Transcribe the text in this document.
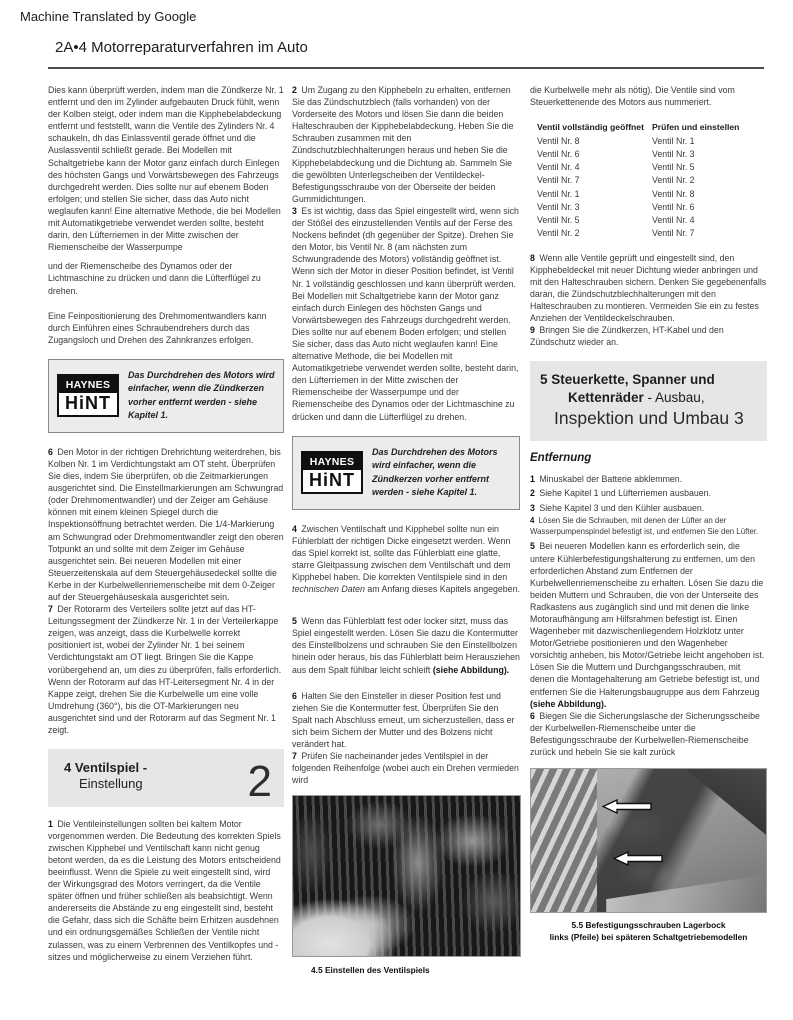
Machine Translated by Google
2A•4 Motorreparaturverfahren im Auto

Dies kann überprüft werden, indem man die Zündkerze Nr. 1 entfernt und den im Zylinder aufgebauten Druck fühlt, wenn der Kolben steigt, oder indem man die Kipphebelabdeckung entfernt und feststellt, wann die Ventile des Zylinders Nr. 4 schaukeln, dh das Einlassventil gerade öffnet und die Auslassventil schließt gerade. Bei Modellen mit Schaltgetriebe kann der Motor ganz einfach durch Einlegen des höchsten Gangs und Vorwärtsbewegen des Fahrzeugs durchgedreht werden. Dies sollte nur auf ebenem Boden erfolgen; und stellen Sie sicher, dass das Auto nicht weglaufen kann! Eine alternative Methode, die bei Modellen mit Automatikgetriebe verwendet werden sollte, besteht darin, den Lüfterriemen in der Mitte zwischen der Riemenscheibe der Wasserpumpe

und der Riemenscheibe des Dynamos oder der Lichtmaschine zu drücken und dann die Lüfterflügel zu drehen.

Eine Feinpositionierung des Drehmomentwandlers kann durch Einführen eines Schraubendrehers durch das Zugangsloch und Drehen des Zahnkranzes erfolgen.

HAYNES
HiNT
Das Durchdrehen des Motors wird einfacher, wenn die Zündkerzen vorher entfernt werden - siehe Kapitel 1.

6 Den Motor in der richtigen Drehrichtung weiterdrehen, bis Kolben Nr. 1 im Verdichtungstakt am OT steht. Überprüfen Sie dies, indem Sie überprüfen, ob die Zeitmarkierungen ausgerichtet sind. Die Einstellmarkierungen am Schwungrad (oder Drehmomentwandler) und der Zeiger am Gehäuse können mit einem kleinen Spiegel durch die Inspektionsöffnung betrachtet werden. Die 1/4-Markierung am Schwungrad oder Drehmomentwandler zeigt den oberen Totpunkt an und sollte mit dem Zeiger im Gehäuse ausgerichtet sein. Bei neueren Modellen mit einer Steuerzeitenskala auf dem Steuergehäusedeckel sollte die Kerbe in der Kurbelwellenriemenscheibe mit dem 0-Zeiger auf der Steuergehäuseskala ausgerichtet sein.

7 Der Rotorarm des Verteilers sollte jetzt auf das HT-Leitungssegment der Zündkerze Nr. 1 in der Verteilerkappe zeigen, was anzeigt, dass die Kurbelwelle korrekt positioniert ist, wobei der Zylinder Nr. 1 bei seinem Verdichtungstakt am OT liegt. Bringen Sie die Kappe vorübergehend an, um dies zu überprüfen, falls erforderlich. Wenn der Rotorarm auf das HT-Leitersegment Nr. 4 in der Kappe zeigt, drehen Sie die Kurbelwelle um eine volle Umdrehung (360°), bis die OT-Markierungen neu ausgerichtet sind und der Rotorarm auf das Segment Nr. 1 zeigt.

4 Ventilspiel -
Einstellung	2

1 Die Ventileinstellungen sollten bei kaltem Motor vorgenommen werden. Die Bedeutung des korrekten Spiels zwischen Kipphebel und Ventilschaft kann nicht genug betont werden, da es die Leistung des Motors entscheidend beeinflusst. Wenn die Spiele zu weit eingestellt sind, wird der Wirkungsgrad des Motors verringert, da die Ventile später öffnen und früher schließen als beabsichtigt. Wenn andererseits die Abstände zu eng eingestellt sind, besteht die Gefahr, dass sich die Schäfte beim Erhitzen ausdehnen und ein ordnungsgemäßes Schließen der Ventile nicht zulassen, was zu einem Verbrennen des Ventilkopfes und -sitzes und möglicherweise zu einem Verziehen führt.

2 Um Zugang zu den Kipphebeln zu erhalten, entfernen Sie das Zündschutzblech (falls vorhanden) von der Vorderseite des Motors und lösen Sie dann die beiden Halteschrauben der Kipphebelabdeckung. Heben Sie die Schrauben zusammen mit den Zündschutzblechhalterungen heraus und heben Sie die Kipphebelabdeckung und die Dichtung ab. Sammeln Sie die gewölbten Unterlegscheiben der Ventildeckel-Befestigungsschraube von der Oberseite der beiden Gummidichtungen.

3 Es ist wichtig, dass das Spiel eingestellt wird, wenn sich der Stößel des einzustellenden Ventils auf der Ferse des Nockens befindet (dh gegenüber der Spitze). Drehen Sie den Motor, bis Ventil Nr. 8 (am nächsten zum Schwungradende des Motors) vollständig geöffnet ist. Wenn sich der Motor in dieser Position befindet, ist Ventil Nr. 1 vollständig geschlossen und kann überprüft werden. Bei Modellen mit Schaltgetriebe kann der Motor ganz einfach durch Einlegen des höchsten Gangs und Vorwärtsbewegen des Fahrzeugs durchgedreht werden. Dies sollte nur auf ebenem Boden erfolgen; und stellen Sie sicher, dass das Auto nicht weglaufen kann! Eine alternative Methode, die bei Modellen mit Automatikgetriebe verwendet werden sollte, besteht darin, den Lüfterriemen in der Mitte zwischen der Riemenscheibe der Wasserpumpe und der Riemenscheibe des Dynamos oder der Lichtmaschine zu drücken und dann die Lüfterflügel zu drehen.

HAYNES
HiNT
Das Durchdrehen des Motors wird einfacher, wenn die Zündkerzen vorher entfernt werden - siehe Kapitel 1.

4 Zwischen Ventilschaft und Kipphebel sollte nun ein Fühlerblatt der richtigen Dicke eingesetzt werden. Wenn das Spiel korrekt ist, sollte das Fühlerblatt eine glatte, starre Gleitpassung zwischen dem Ventilschaft und dem Kipphebel haben. Die korrekten Ventilspiele sind in den technischen Daten am Anfang dieses Kapitels angegeben.

5 Wenn das Fühlerblatt fest oder locker sitzt, muss das Spiel eingestellt werden. Lösen Sie dazu die Kontermutter des Einstellbolzens und schrauben Sie den Einstellbolzen hinein oder heraus, bis das Fühlerblatt beim Herausziehen aus dem Spalt fühlbar leicht schleift (siehe Abbildung).

6 Halten Sie den Einsteller in dieser Position fest und ziehen Sie die Kontermutter fest. Überprüfen Sie den Spalt nach Abschluss erneut, um sicherzustellen, dass er sich beim Sichern der Mutter und des Bolzens nicht verändert hat.

7 Prüfen Sie nacheinander jedes Ventilspiel in der folgenden Reihenfolge (wobei auch ein Drehen vermieden wird

4.5 Einstellen des Ventilspiels

die Kurbelwelle mehr als nötig). Die Ventile sind vom Steuerkettenende des Motors aus nummeriert.

Ventil vollständig geöffnet	Prüfen und einstellen
Ventil Nr. 8	Ventil Nr. 1
Ventil Nr. 6	Ventil Nr. 3
Ventil Nr. 4	Ventil Nr. 5
Ventil Nr. 7	Ventil Nr. 2
Ventil Nr. 1	Ventil Nr. 8
Ventil Nr. 3	Ventil Nr. 6
Ventil Nr. 5	Ventil Nr. 4
Ventil Nr. 2	Ventil Nr. 7

8 Wenn alle Ventile geprüft und eingestellt sind, den Kipphebeldeckel mit neuer Dichtung wieder anbringen und mit den Halteschrauben sichern. Denken Sie gegebenenfalls daran, die Zündschutzblechhalterungen mit den Halteschrauben zu montieren. Vermeiden Sie ein zu festes Anziehen der Ventildeckelschrauben.

9 Bringen Sie die Zündkerzen, HT-Kabel und den Zündschutz wieder an.

5 Steuerkette, Spanner und
Kettenräder - Ausbau,
Inspektion und Umbau 3
Entfernung

1 Minuskabel der Batterie abklemmen.

2 Siehe Kapitel 1 und Lüfterriemen ausbauen.

3 Siehe Kapitel 3 und den Kühler ausbauen.

4 Lösen Sie die Schrauben, mit denen der Lüfter an der Wasserpumpenspindel befestigt ist, und entfernen Sie den Lüfter.

5 Bei neueren Modellen kann es erforderlich sein, die untere Kühlerbefestigungshalterung zu entfernen, um den erforderlichen Abstand zum Entfernen der Kurbelwellenriemenscheibe zu erhalten. Lösen Sie dazu die beiden Muttern und Schrauben, die von der Unterseite des Radkastens aus zugänglich sind und mit denen die linke Motoraufhängung am Hilfsrahmen befestigt ist. Einen Wagenheber mit dazwischenliegendem Holzklotz unter Motor/Getriebe positionieren und den Wagenheber vorsichtig anheben, bis Motor/Getriebe leicht angehoben ist. Lösen Sie die Muttern und Durchgangsschrauben, mit denen die Montagehalterung am Getriebe befestigt ist, und entfernen Sie die Halterungsbaugruppe aus dem Fahrzeug (siehe Abbildung).

6 Biegen Sie die Sicherungslasche der Sicherungsscheibe der Kurbelwellen-Riemenscheibe unter die Befestigungsschraube der Kurbelwellen-Riemenscheibe zurück und hebeln Sie sie kalt zurück

5.5 Befestigungsschrauben Lagerbock
links (Pfeile) bei späteren Schaltgetriebemodellen
